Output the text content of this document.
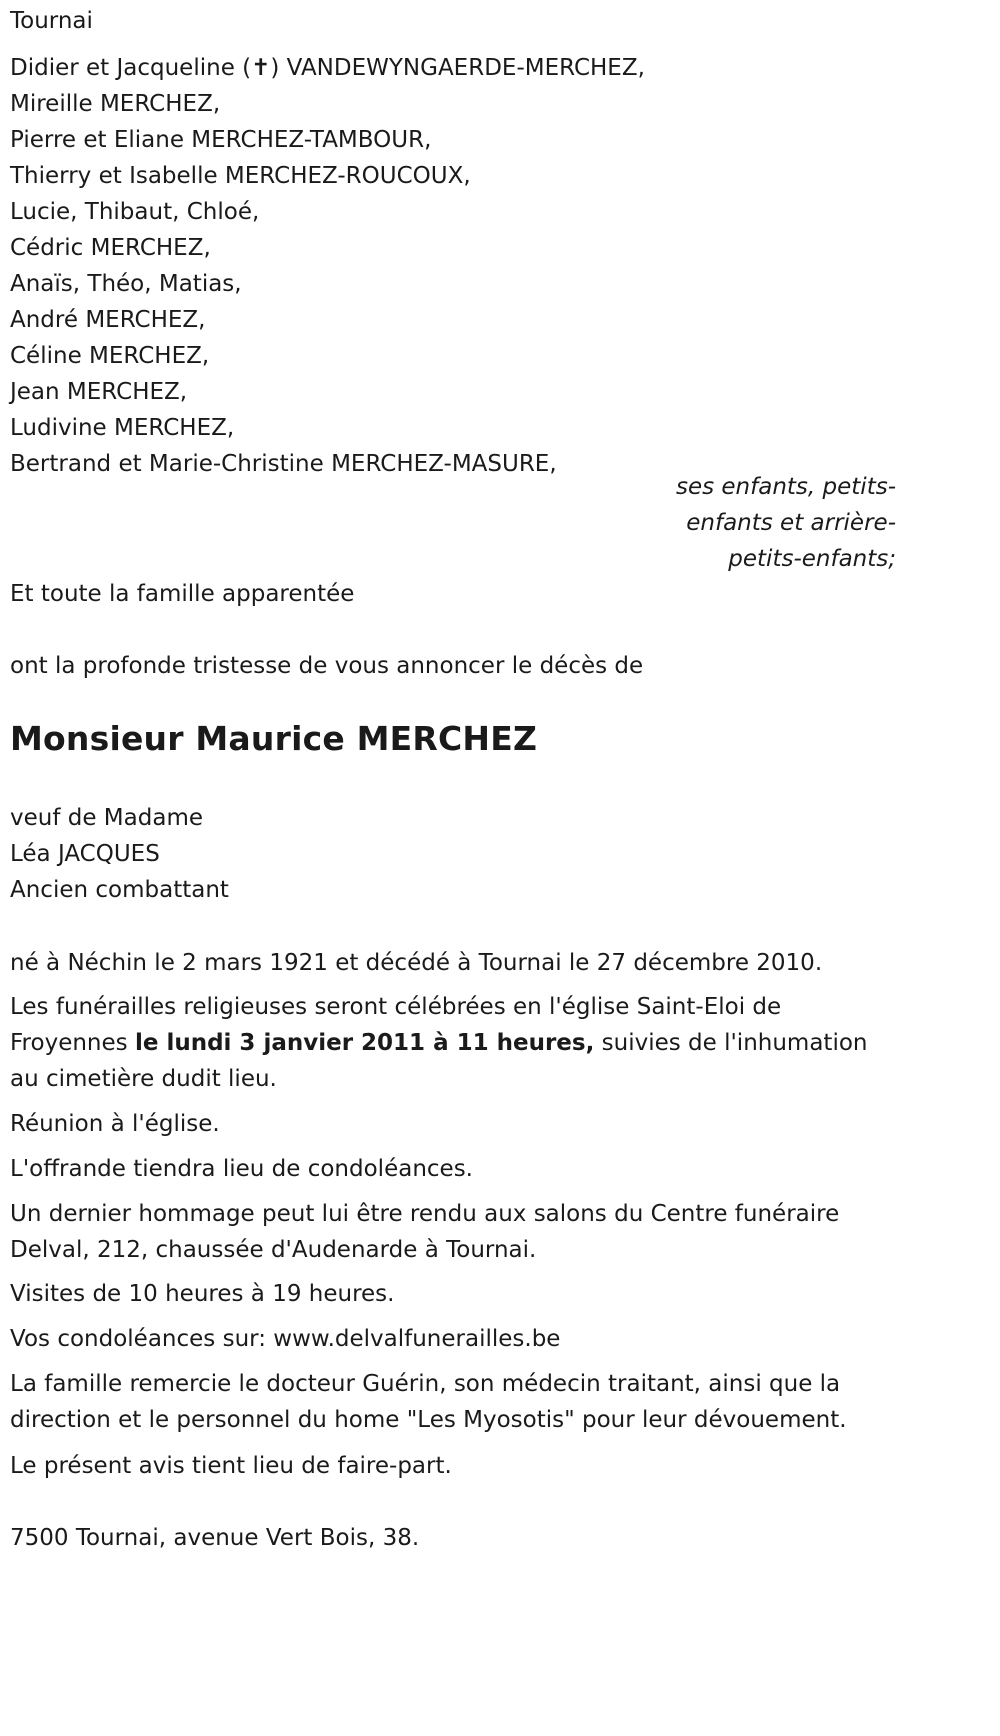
Tournai
Didier et Jacqueline (✝) VANDEWYNGAERDE-MERCHEZ,
Mireille MERCHEZ,
Pierre et Eliane MERCHEZ-TAMBOUR,
Thierry et Isabelle MERCHEZ-ROUCOUX,
Lucie, Thibaut, Chloé,
Cédric MERCHEZ,
Anaïs, Théo, Matias,
André MERCHEZ,
Céline MERCHEZ,
Jean MERCHEZ,
Ludivine MERCHEZ,
Bertrand et Marie-Christine MERCHEZ-MASURE,
ses enfants, petits-
enfants et arrière-
petits-enfants;
Et toute la famille apparentée
ont la profonde tristesse de vous annoncer le décès de
Monsieur Maurice MERCHEZ
veuf de Madame
Léa JACQUES
Ancien combattant
né à Néchin le 2 mars 1921 et décédé à Tournai le 27 décembre 2010.
Les funérailles religieuses seront célébrées en l'église Saint-Eloi de Froyennes le lundi 3 janvier 2011 à 11 heures, suivies de l'inhumation au cimetière dudit lieu.
Réunion à l'église.
L'offrande tiendra lieu de condoléances.
Un dernier hommage peut lui être rendu aux salons du Centre funéraire Delval, 212, chaussée d'Audenarde à Tournai.
Visites de 10 heures à 19 heures.
Vos condoléances sur: www.delvalfunerailles.be
La famille remercie le docteur Guérin, son médecin traitant, ainsi que la direction et le personnel du home "Les Myosotis" pour leur dévouement.
Le présent avis tient lieu de faire-part.
7500 Tournai, avenue Vert Bois, 38.
